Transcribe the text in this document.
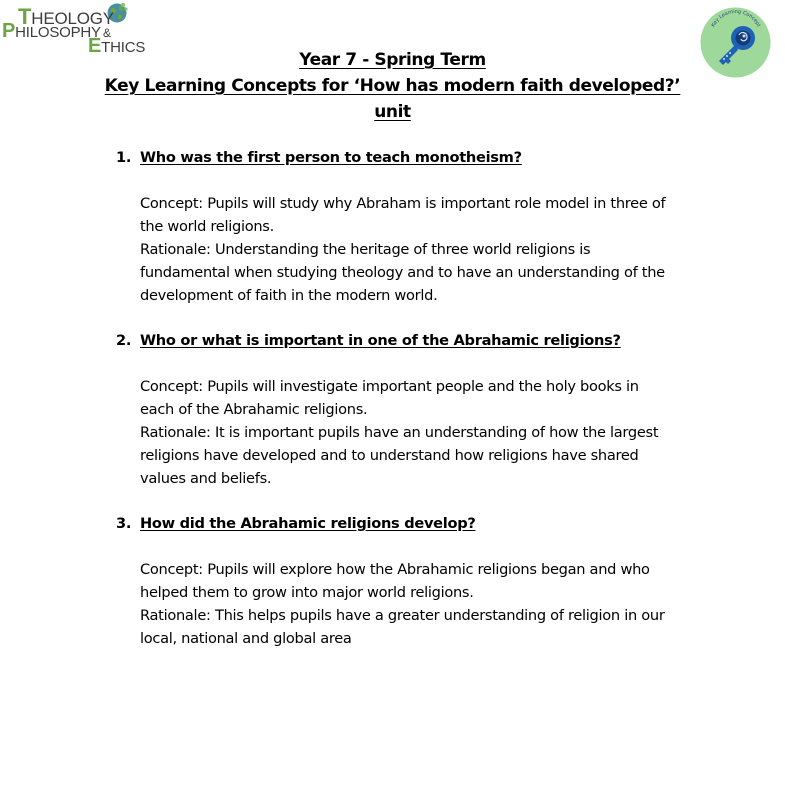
THEOLOGY
PHILOSOPHY &
ETHICS
Key Learning Concept
Year 7 - Spring Term
Key Learning Concepts for ‘How has modern faith developed?’
unit
1. Who was the first person to teach monotheism?

Concept: Pupils will study why Abraham is important role model in three of the world religions.

Rationale: Understanding the heritage of three world religions is fundamental when studying theology and to have an understanding of the development of faith in the modern world.

2. Who or what is important in one of the Abrahamic religions?

Concept: Pupils will investigate important people and the holy books in each of the Abrahamic religions.

Rationale: It is important pupils have an understanding of how the largest religions have developed and to understand how religions have shared values and beliefs.

3. How did the Abrahamic religions develop?

Concept: Pupils will explore how the Abrahamic religions began and who helped them to grow into major world religions.

Rationale: This helps pupils have a greater understanding of religion in our local, national and global area
